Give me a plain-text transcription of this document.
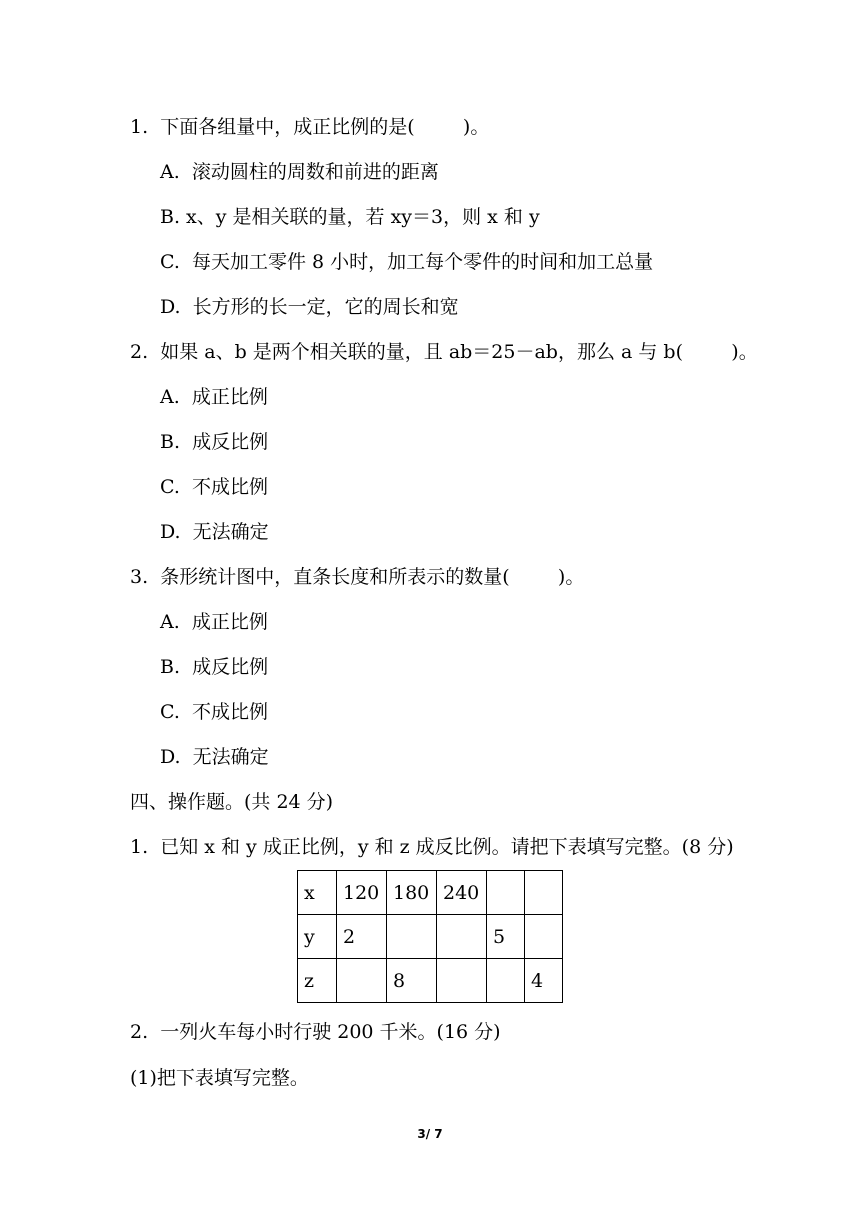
1.  下面各组量中，成正比例的是(        )。
A.  滚动圆柱的周数和前进的距离
B. x、y 是相关联的量，若 xy＝3，则 x 和 y
C.  每天加工零件 8 小时，加工每个零件的时间和加工总量
D.  长方形的长一定，它的周长和宽
2.  如果 a、b 是两个相关联的量，且 ab＝25－ab，那么 a 与 b(        )。
A.  成正比例
B.  成反比例
C.  不成比例
D.  无法确定
3.  条形统计图中，直条长度和所表示的数量(        )。
A.  成正比例
B.  成反比例
C.  不成比例
D.  无法确定
四、操作题。(共 24 分)
1.  已知 x 和 y 成正比例，y 和 z 成反比例。请把下表填写完整。(8 分)
x	120	180	240		
y	2			5	
z		8			4
2.  一列火车每小时行驶 200 千米。(16 分)
(1)把下表填写完整。
3/ 7
